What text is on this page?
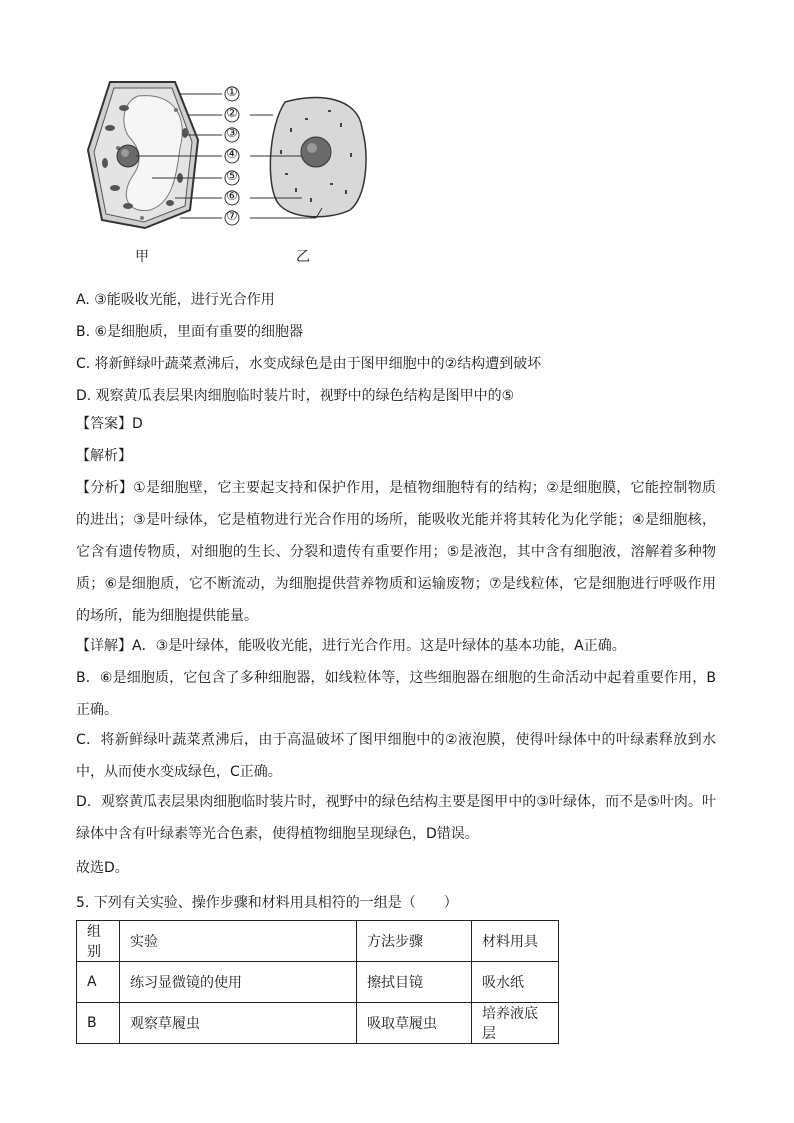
①
②
③
④
⑤
⑥
⑦
甲	乙
A. ③能吸收光能，进行光合作用
B. ⑥是细胞质，里面有重要的细胞器
C. 将新鲜绿叶蔬菜煮沸后，水变成绿色是由于图甲细胞中的②结构遭到破坏
D. 观察黄瓜表层果肉细胞临时装片时，视野中的绿色结构是图甲中的⑤
【答案】D
【解析】
【分析】①是细胞壁，它主要起支持和保护作用，是植物细胞特有的结构；②是细胞膜，它能控制物质的进出；③是叶绿体，它是植物进行光合作用的场所，能吸收光能并将其转化为化学能；④是细胞核，它含有遗传物质，对细胞的生长、分裂和遗传有重要作用；⑤是液泡，其中含有细胞液，溶解着多种物质；⑥是细胞质，它不断流动，为细胞提供营养物质和运输废物；⑦是线粒体，它是细胞进行呼吸作用的场所，能为细胞提供能量。
【详解】A．③是叶绿体，能吸收光能，进行光合作用。这是叶绿体的基本功能，A正确。
B．⑥是细胞质，它包含了多种细胞器，如线粒体等，这些细胞器在细胞的生命活动中起着重要作用，B正确。
C．将新鲜绿叶蔬菜煮沸后，由于高温破坏了图甲细胞中的②液泡膜，使得叶绿体中的叶绿素释放到水中，从而使水变成绿色，C正确。
D．观察黄瓜表层果肉细胞临时装片时，视野中的绿色结构主要是图甲中的③叶绿体，而不是⑤叶肉。叶绿体中含有叶绿素等光合色素，使得植物细胞呈现绿色，D错误。
故选D。
5. 下列有关实验、操作步骤和材料用具相符的一组是（　　）
组别	实验	方法步骤	材料用具
A	练习显微镜的使用	擦拭目镜	吸水纸
B	观察草履虫	吸取草履虫	培养液底层
